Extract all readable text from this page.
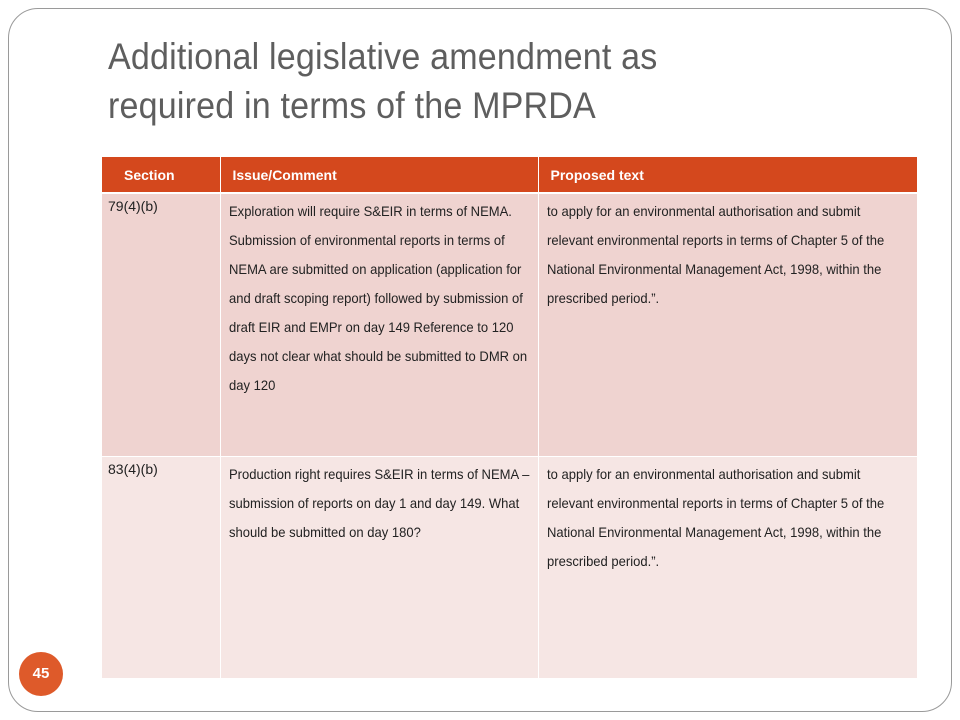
Additional legislative amendment as
required in terms of the MPRDA
Section	Issue/Comment	Proposed text
79(4)(b)	Exploration will require S&EIR in terms of NEMA. Submission of environmental reports in terms of NEMA are submitted on application (application for and draft scoping report) followed by submission of draft EIR and EMPr on day 149 Reference to 120 days not clear what should be submitted to DMR on day 120	to apply for an environmental authorisation and submit relevant environmental reports in terms of Chapter 5 of the National Environmental Management Act, 1998, within the prescribed period.”.

83(4)(b)	Production right requires S&EIR in terms of NEMA – submission of reports on day 1 and day 149. What should be submitted on day 180?	to apply for an environmental authorisation and submit relevant environmental reports in terms of Chapter 5 of the National Environmental Management Act, 1998, within the prescribed period.”.
45
